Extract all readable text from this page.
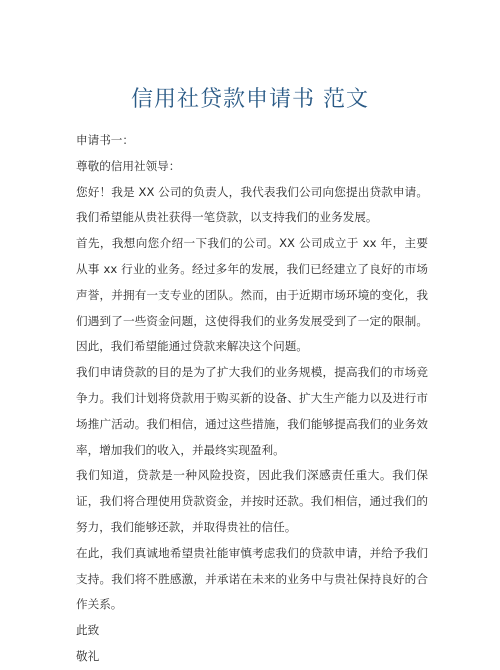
信用社贷款申请书 范文

申请书一：

尊敬的信用社领导：

您好！我是 XX 公司的负责人，我代表我们公司向您提出贷款申请。我们希望能从贵社获得一笔贷款，以支持我们的业务发展。

首先，我想向您介绍一下我们的公司。XX 公司成立于 xx 年，主要从事 xx 行业的业务。经过多年的发展，我们已经建立了良好的市场声誉，并拥有一支专业的团队。然而，由于近期市场环境的变化，我们遇到了一些资金问题，这使得我们的业务发展受到了一定的限制。因此，我们希望能通过贷款来解决这个问题。

我们申请贷款的目的是为了扩大我们的业务规模，提高我们的市场竞争力。我们计划将贷款用于购买新的设备、扩大生产能力以及进行市场推广活动。我们相信，通过这些措施，我们能够提高我们的业务效率，增加我们的收入，并最终实现盈利。

我们知道，贷款是一种风险投资，因此我们深感责任重大。我们保证，我们将合理使用贷款资金，并按时还款。我们相信，通过我们的努力，我们能够还款，并取得贵社的信任。

在此，我们真诚地希望贵社能审慎考虑我们的贷款申请，并给予我们支持。我们将不胜感激，并承诺在未来的业务中与贵社保持良好的合作关系。

此致

敬礼
